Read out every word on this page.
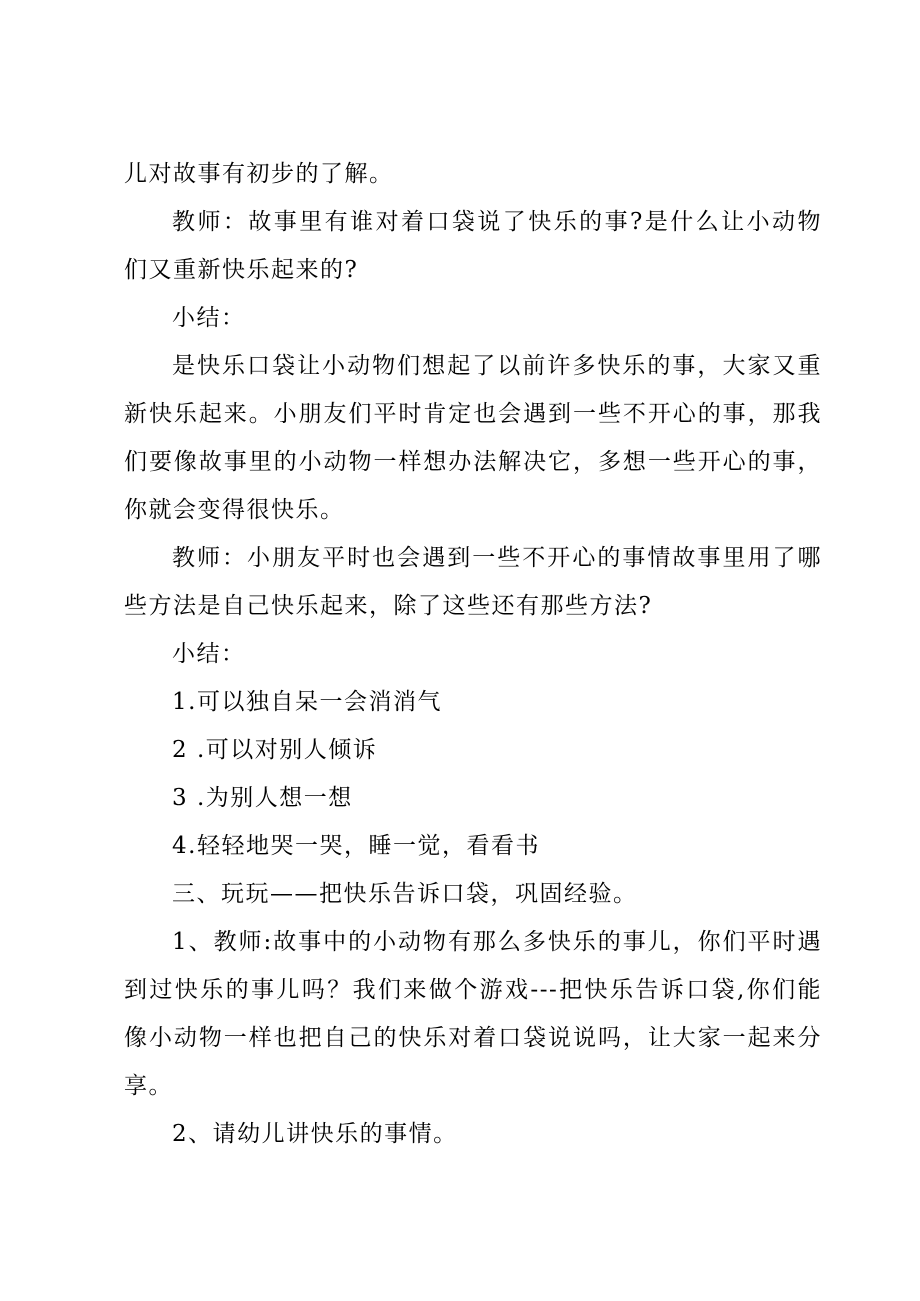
儿对故事有初步的了解。

教师：故事里有谁对着口袋说了快乐的事?是什么让小动物们又重新快乐起来的?

小结：

是快乐口袋让小动物们想起了以前许多快乐的事，大家又重新快乐起来。小朋友们平时肯定也会遇到一些不开心的事，那我们要像故事里的小动物一样想办法解决它，多想一些开心的事，你就会变得很快乐。

教师：小朋友平时也会遇到一些不开心的事情故事里用了哪些方法是自己快乐起来，除了这些还有那些方法?

小结：

1.可以独自呆一会消消气

2 .可以对别人倾诉

3 .为别人想一想

4.轻轻地哭一哭，睡一觉，看看书

三、玩玩——把快乐告诉口袋，巩固经验。

1、教师:故事中的小动物有那么多快乐的事儿，你们平时遇到过快乐的事儿吗？我们来做个游戏---把快乐告诉口袋,你们能像小动物一样也把自己的快乐对着口袋说说吗，让大家一起来分享。

2、请幼儿讲快乐的事情。
